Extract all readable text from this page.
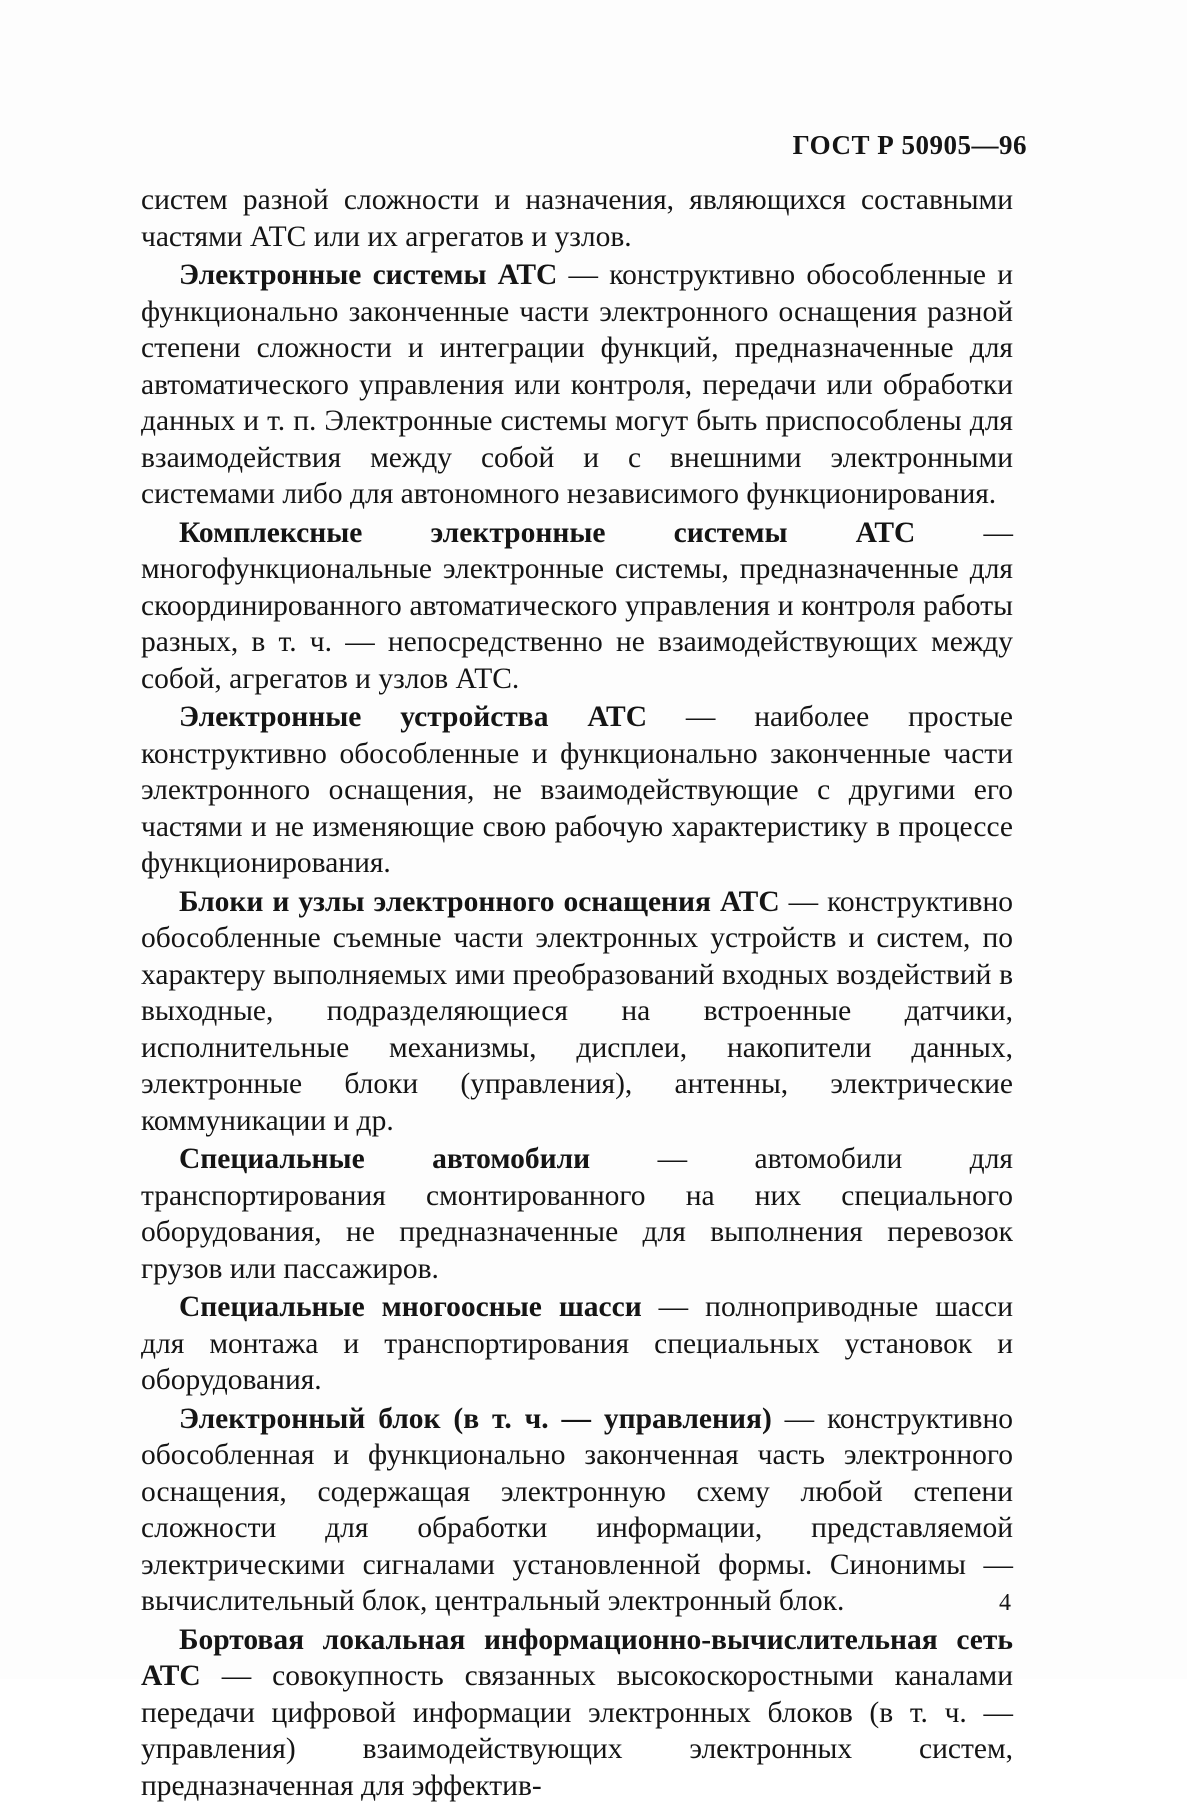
ГОСТ Р 50905—96

систем разной сложности и назначения, являющихся составными частями АТС или их агрегатов и узлов.

Электронные системы АТС — конструктивно обособленные и функционально законченные части электронного оснащения разной степени сложности и интеграции функций, предназначенные для автоматического управления или контроля, передачи или обработки данных и т. п. Электронные системы могут быть приспособлены для взаимодействия между собой и с внешними электронными системами либо для автономного независимого функционирования.

Комплексные электронные системы АТС — многофункциональные электронные системы, предназначенные для скоординированного автоматического управления и контроля работы разных, в т. ч. — непосредственно не взаимодействующих между собой, агрегатов и узлов АТС.

Электронные устройства АТС — наиболее простые конструктивно обособленные и функционально законченные части электронного оснащения, не взаимодействующие с другими его частями и не изменяющие свою рабочую характеристику в процессе функционирования.

Блоки и узлы электронного оснащения АТС — конструктивно обособленные съемные части электронных устройств и систем, по характеру выполняемых ими преобразований входных воздействий в выходные, подразделяющиеся на встроенные датчики, исполнительные механизмы, дисплеи, накопители данных, электронные блоки (управления), антенны, электрические коммуникации и др.

Специальные автомобили — автомобили для транспортирования смонтированного на них специального оборудования, не предназначенные для выполнения перевозок грузов или пассажиров.

Специальные многоосные шасси — полноприводные шасси для монтажа и транспортирования специальных установок и оборудования.

Электронный блок (в т. ч. — управления) — конструктивно обособленная и функционально законченная часть электронного оснащения, содержащая электронную схему любой степени сложности для обработки информации, представляемой электрическими сигналами установленной формы. Синонимы — вычислительный блок, центральный электронный блок.

Бортовая локальная информационно-вычислительная сеть АТС — совокупность связанных высокоскоростными каналами передачи цифровой информации электронных блоков (в т. ч. — управления) взаимодействующих электронных систем, предназначенная для эффектив-

4
